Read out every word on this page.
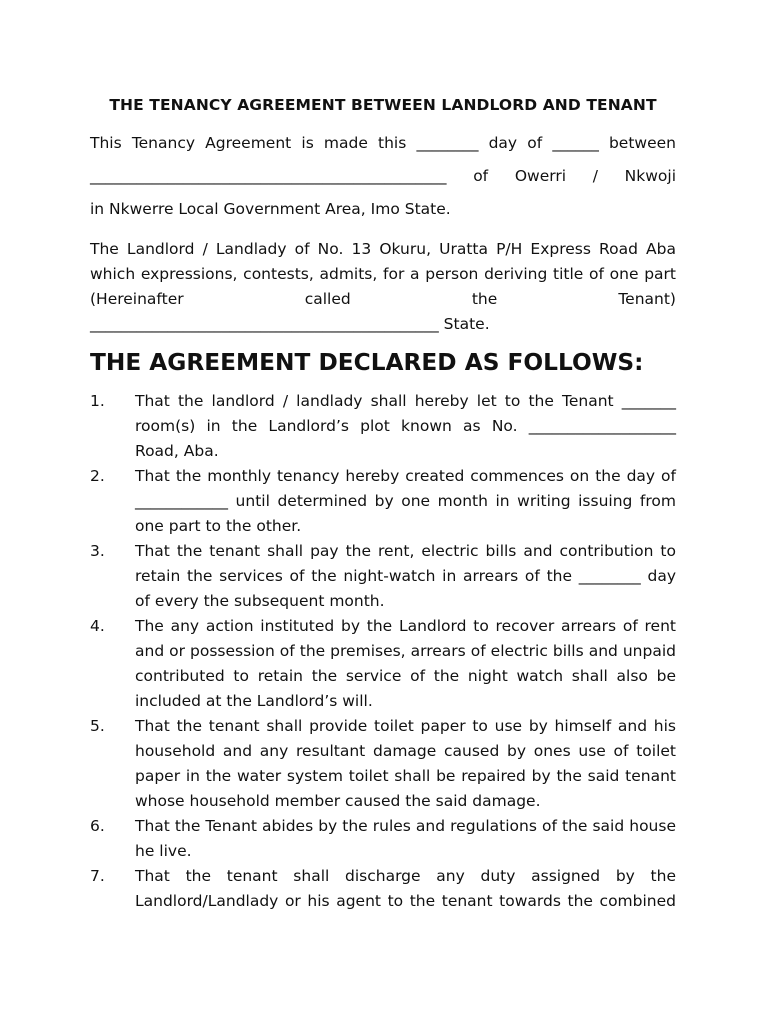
THE TENANCY AGREEMENT BETWEEN LANDLORD AND TENANT
This Tenancy Agreement is made this ________ day of ______ between
______________________________________________ of Owerri / Nkwoji
in Nkwerre Local Government Area, Imo State.
The Landlord / Landlady of No. 13 Okuru, Uratta P/H Express Road Aba
which expressions, contests, admits, for a person deriving title of one part
(Hereinafter	called	the	Tenant)
_____________________________________________ State.
THE AGREEMENT DECLARED AS FOLLOWS:
1. That the landlord / landlady shall hereby let to the Tenant _______
room(s) in the Landlord’s plot known as No. ___________________
Road, Aba.
2. That the monthly tenancy hereby created commences on the day of
____________ until determined by one month in writing issuing from
one part to the other.
3. That the tenant shall pay the rent, electric bills and contribution to
retain the services of the night-watch in arrears of the ________ day
of every the subsequent month.
4. The any action instituted by the Landlord to recover arrears of rent
and or possession of the premises, arrears of electric bills and unpaid
contributed to retain the service of the night watch shall also be
included at the Landlord’s will.
5. That the tenant shall provide toilet paper to use by himself and his
household and any resultant damage caused by ones use of toilet
paper in the water system toilet shall be repaired by the said tenant
whose household member caused the said damage.
6. That the Tenant abides by the rules and regulations of the said house
he live.
7. That the tenant shall discharge any duty assigned by the
Landlord/Landlady or his agent to the tenant towards the combined
